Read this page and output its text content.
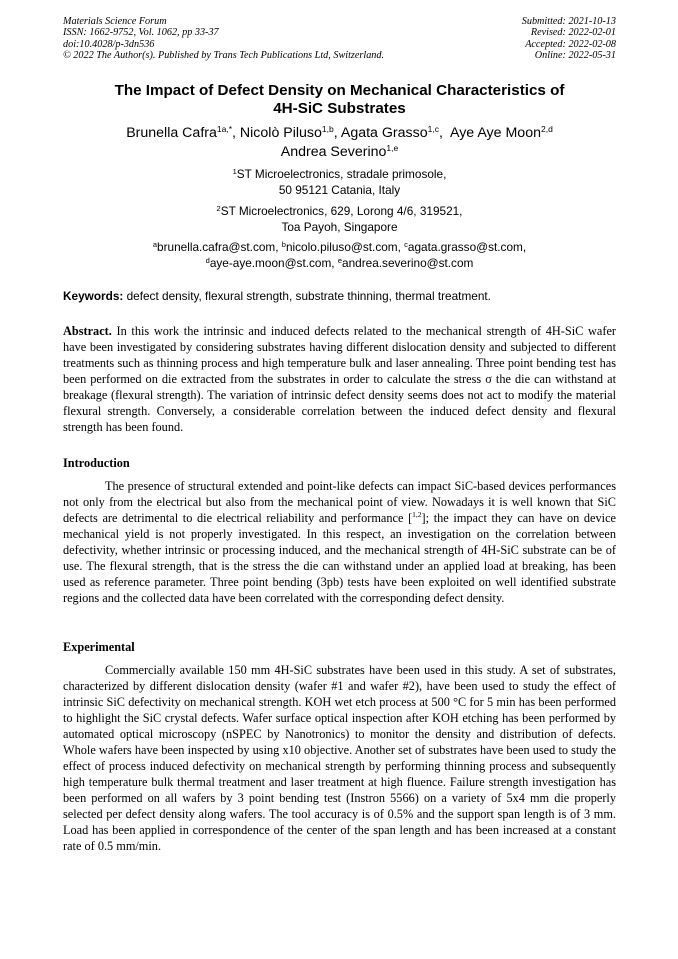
Materials Science Forum
ISSN: 1662-9752, Vol. 1062, pp 33-37
doi:10.4028/p-3dn536
© 2022 The Author(s). Published by Trans Tech Publications Ltd, Switzerland.
Submitted: 2021-10-13
Revised: 2022-02-01
Accepted: 2022-02-08
Online: 2022-05-31
The Impact of Defect Density on Mechanical Characteristics of
4H-SiC Substrates
Brunella Cafra$^{1a,*}$, Nicolò Piluso$^{1,b}$, Agata Grasso$^{1,c}$,  Aye Aye Moon$^{2,d}$
Andrea Severino$^{1,e}$
$^1$ST Microelectronics, stradale primosole,
50 95121 Catania, Italy
$^2$ST Microelectronics, 629, Lorong 4/6, 319521,
Toa Payoh, Singapore
$^a$brunella.cafra@st.com, $^b$nicolo.piluso@st.com, $^c$agata.grasso@st.com,
$^d$aye-aye.moon@st.com, $^e$andrea.severino@st.com
Keywords: defect density, flexural strength, substrate thinning, thermal treatment.
Abstract. In this work the intrinsic and induced defects related to the mechanical strength of 4H-SiC wafer have been investigated by considering substrates having different dislocation density and subjected to different treatments such as thinning process and high temperature bulk and laser annealing. Three point bending test has been performed on die extracted from the substrates in order to calculate the stress σ the die can withstand at breakage (flexural strength). The variation of intrinsic defect density seems does not act to modify the material flexural strength. Conversely, a considerable correlation between the induced defect density and flexural strength has been found.
Introduction
The presence of structural extended and point-like defects can impact SiC-based devices performances not only from the electrical but also from the mechanical point of view. Nowadays it is well known that SiC defects are detrimental to die electrical reliability and performance [$^{1,2}$]; the impact they can have on device mechanical yield is not properly investigated. In this respect, an investigation on the correlation between defectivity, whether intrinsic or processing induced, and the mechanical strength of 4H-SiC substrate can be of use. The flexural strength, that is the stress the die can withstand under an applied load at breaking, has been used as reference parameter. Three point bending (3pb) tests have been exploited on well identified substrate regions and the collected data have been correlated with the corresponding defect density.
Experimental
Commercially available 150 mm 4H-SiC substrates have been used in this study. A set of substrates, characterized by different dislocation density (wafer #1 and wafer #2), have been used to study the effect of intrinsic SiC defectivity on mechanical strength. KOH wet etch process at 500 °C for 5 min has been performed to highlight the SiC crystal defects. Wafer surface optical inspection after KOH etching has been performed by automated optical microscopy (nSPEC by Nanotronics) to monitor the density and distribution of defects. Whole wafers have been inspected by using x10 objective. Another set of substrates have been used to study the effect of process induced defectivity on mechanical strength by performing thinning process and subsequently high temperature bulk thermal treatment and laser treatment at high fluence. Failure strength investigation has been performed on all wafers by 3 point bending test (Instron 5566) on a variety of 5x4 mm die properly selected per defect density along wafers. The tool accuracy is of 0.5% and the support span length is of 3 mm. Load has been applied in correspondence of the center of the span length and has been increased at a constant rate of 0.5 mm/min.
